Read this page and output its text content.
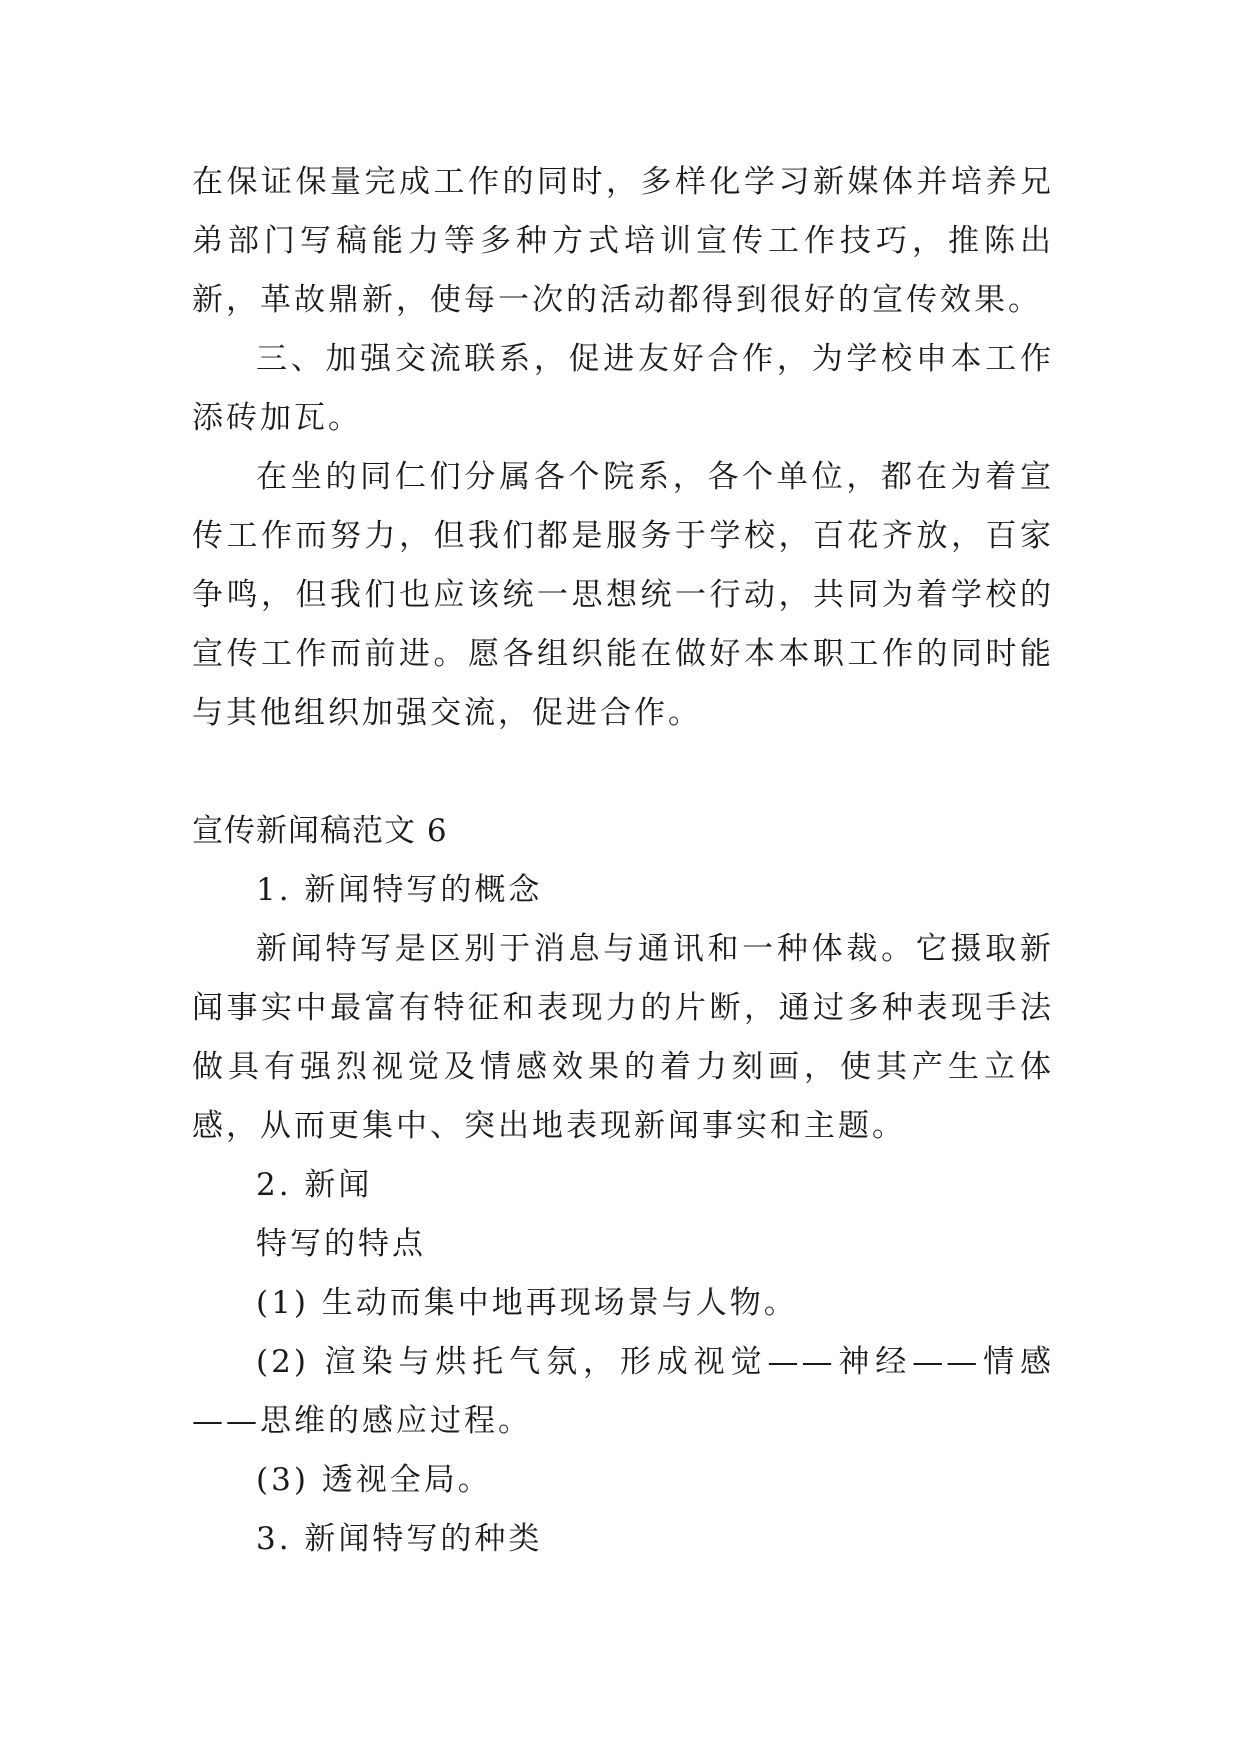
在保证保量完成工作的同时，多样化学习新媒体并培养兄弟部门写稿能力等多种方式培训宣传工作技巧，推陈出新，革故鼎新，使每一次的活动都得到很好的宣传效果。

三、加强交流联系，促进友好合作，为学校申本工作添砖加瓦。

在坐的同仁们分属各个院系，各个单位，都在为着宣传工作而努力，但我们都是服务于学校，百花齐放，百家争鸣，但我们也应该统一思想统一行动，共同为着学校的宣传工作而前进。愿各组织能在做好本本职工作的同时能与其他组织加强交流，促进合作。

宣传新闻稿范文 6

1. 新闻特写的概念

新闻特写是区别于消息与通讯和一种体裁。它摄取新闻事实中最富有特征和表现力的片断，通过多种表现手法做具有强烈视觉及情感效果的着力刻画，使其产生立体感，从而更集中、突出地表现新闻事实和主题。

2. 新闻

特写的特点

(1) 生动而集中地再现场景与人物。

(2) 渲染与烘托气氛，形成视觉——神经——情感——思维的感应过程。

(3) 透视全局。

3. 新闻特写的种类
